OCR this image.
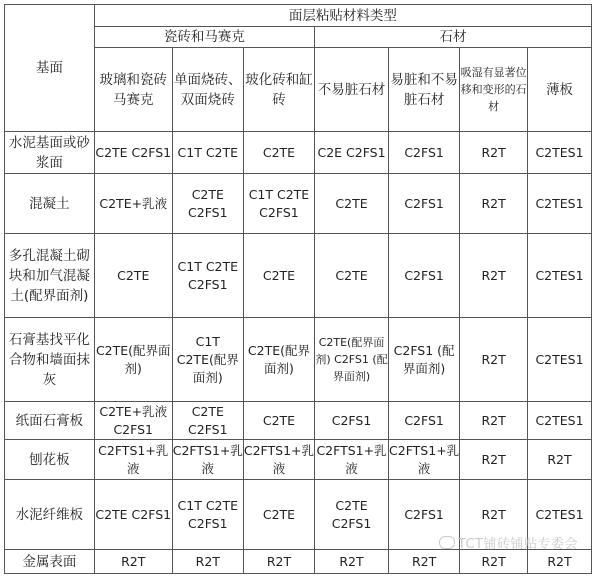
基面	面层粘贴材料类型						
	瓷砖和马赛克			石材			
	玻璃和瓷砖马赛克	单面烧砖、双面烧砖	玻化砖和缸砖	不易脏石材	易脏和不易脏石材	吸湿有显著位移和变形的石材	薄板
水泥基面或砂浆面	C2TE C2FS1	C1T C2TE	C2TE	C2E C2FS1	C2FS1	R2T	C2TES1
混凝土	C2TE+乳液	C2TE C2FS1	C1T C2TE C2FS1	C2TE	C2FS1	R2T	C2TES1
多孔混凝土砌块和加气混凝土(配界面剂)	C2TE	C1T C2TE C2FS1	C2TE	C2TE	C2FS1	R2T	C2TES1
石膏基找平化合物和墙面抹灰	C2TE(配界面剂)	C1T C2TE(配界面剂)	C2TE(配界面剂)	C2TE(配界面剂) C2FS1 (配界面剂)	C2FS1 (配界面剂)	R2T	C2TES1
纸面石膏板	C2TE+乳液 C2FS1	C2TE C2FS1	C2TE	C2FS1	C2FS1	R2T	C2TES1
刨花板	C2FTS1+乳液	C2FTS1+乳液	C2FTS1+乳液	C2FTS1+乳液	C2FTS1+乳液	R2T	R2T
水泥纤维板	C2TE C2FS1	C1T C2TE C2FS1	C2TE	C2TE C2FS1	C2FS1	R2T	C2TES1
金属表面	R2T	R2T	R2T	R2T	R2T	R2T	R2T
TCT铺砖铺贴专委会
